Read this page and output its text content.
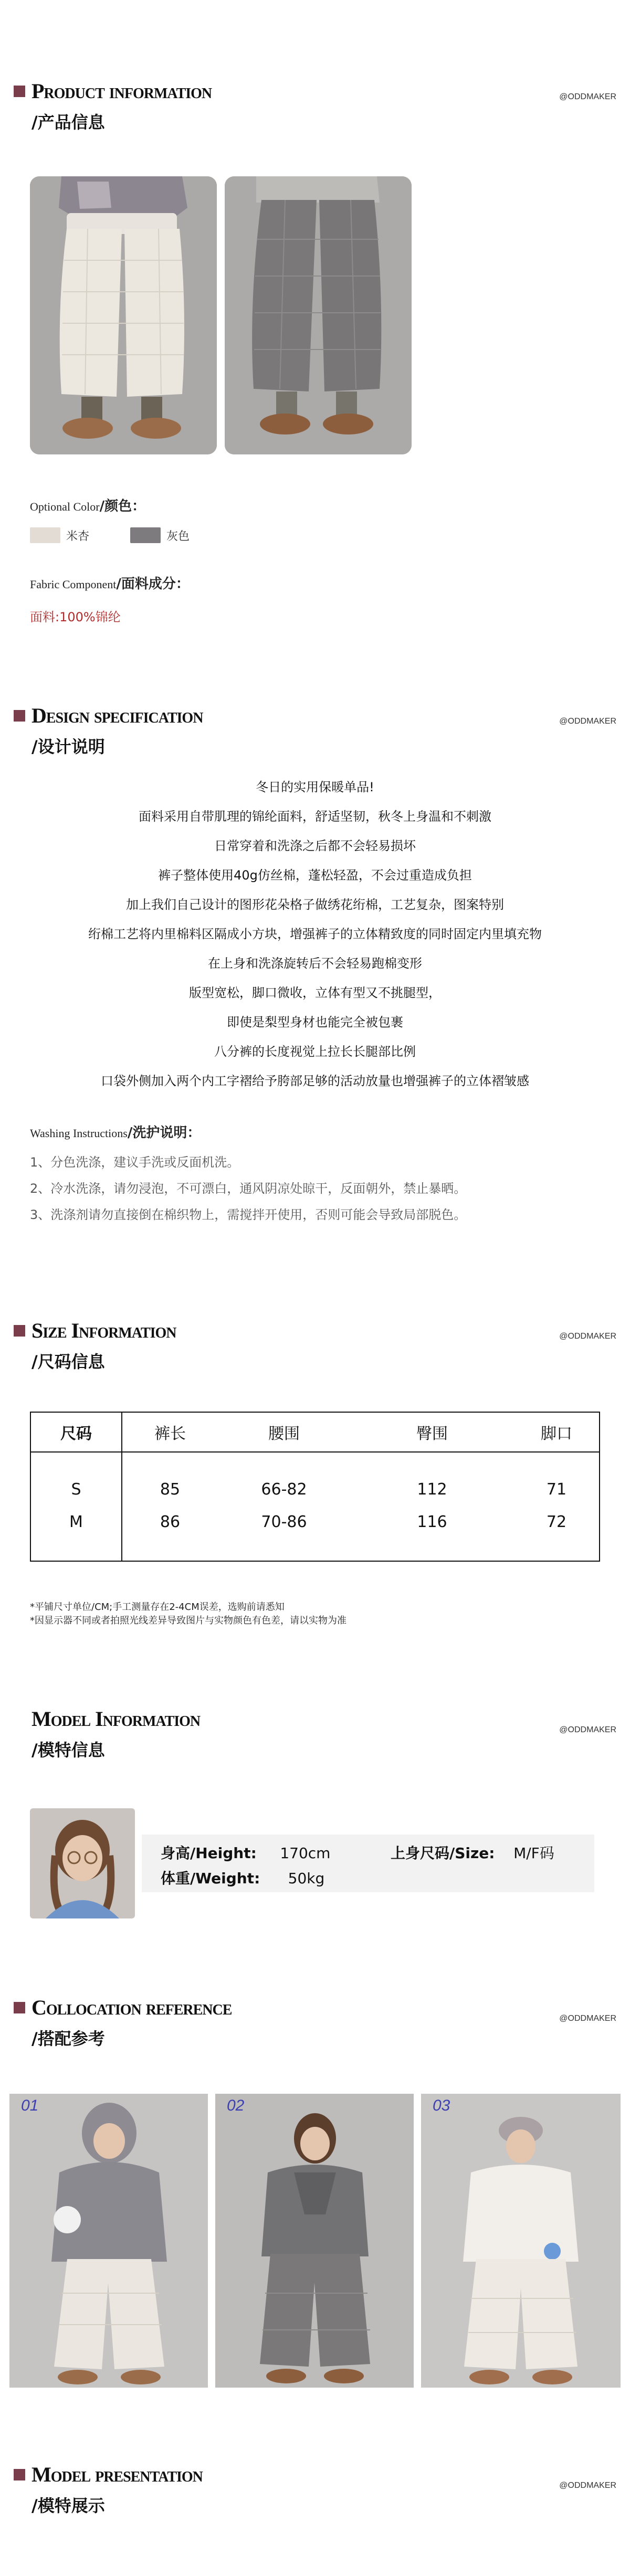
Product information
/产品信息
@ODDMAKER
Optional Color/颜色：
米杏	灰色
Fabric Component/面料成分：
面料:100%锦纶
Design specification
/设计说明
@ODDMAKER
冬日的实用保暖单品!
面料采用自带肌理的锦纶面料，舒适坚韧，秋冬上身温和不刺激
日常穿着和洗涤之后都不会轻易损坏
裤子整体使用40g仿丝棉，蓬松轻盈，不会过重造成负担
加上我们自己设计的图形花朵格子做绣花绗棉，工艺复杂，图案特别
绗棉工艺将内里棉料区隔成小方块，增强裤子的立体精致度的同时固定内里填充物
在上身和洗涤旋转后不会轻易跑棉变形
版型宽松，脚口微收，立体有型又不挑腿型，
即使是梨型身材也能完全被包裹
八分裤的长度视觉上拉长长腿部比例
口袋外侧加入两个内工字褶给予胯部足够的活动放量也增强裤子的立体褶皱感
Washing Instructions/洗护说明：
1、分色洗涤，建议手洗或反面机洗。
2、冷水洗涤，请勿浸泡，不可漂白，通风阴凉处晾干，反面朝外，禁止暴晒。
3、洗涤剂请勿直接倒在棉织物上，需搅拌开使用，否则可能会导致局部脱色。
Size Information
/尺码信息
@ODDMAKER
尺码	裤长	腰围	臀围	脚口

S	85	66-82	112	71
M	86	70-86	116	72

*平铺尺寸单位/CM;手工测量存在2-4CM误差，选购前请悉知
*因显示器不同或者拍照光线差异导致图片与实物颜色有色差，请以实物为准
Model Information
/模特信息
@ODDMAKER
身高/Height: 170cm	上身尺码/Size: M/F码
体重/Weight: 50kg
Collocation reference
/搭配参考
@ODDMAKER
01	02	03
Model presentation
/模特展示
@ODDMAKER
